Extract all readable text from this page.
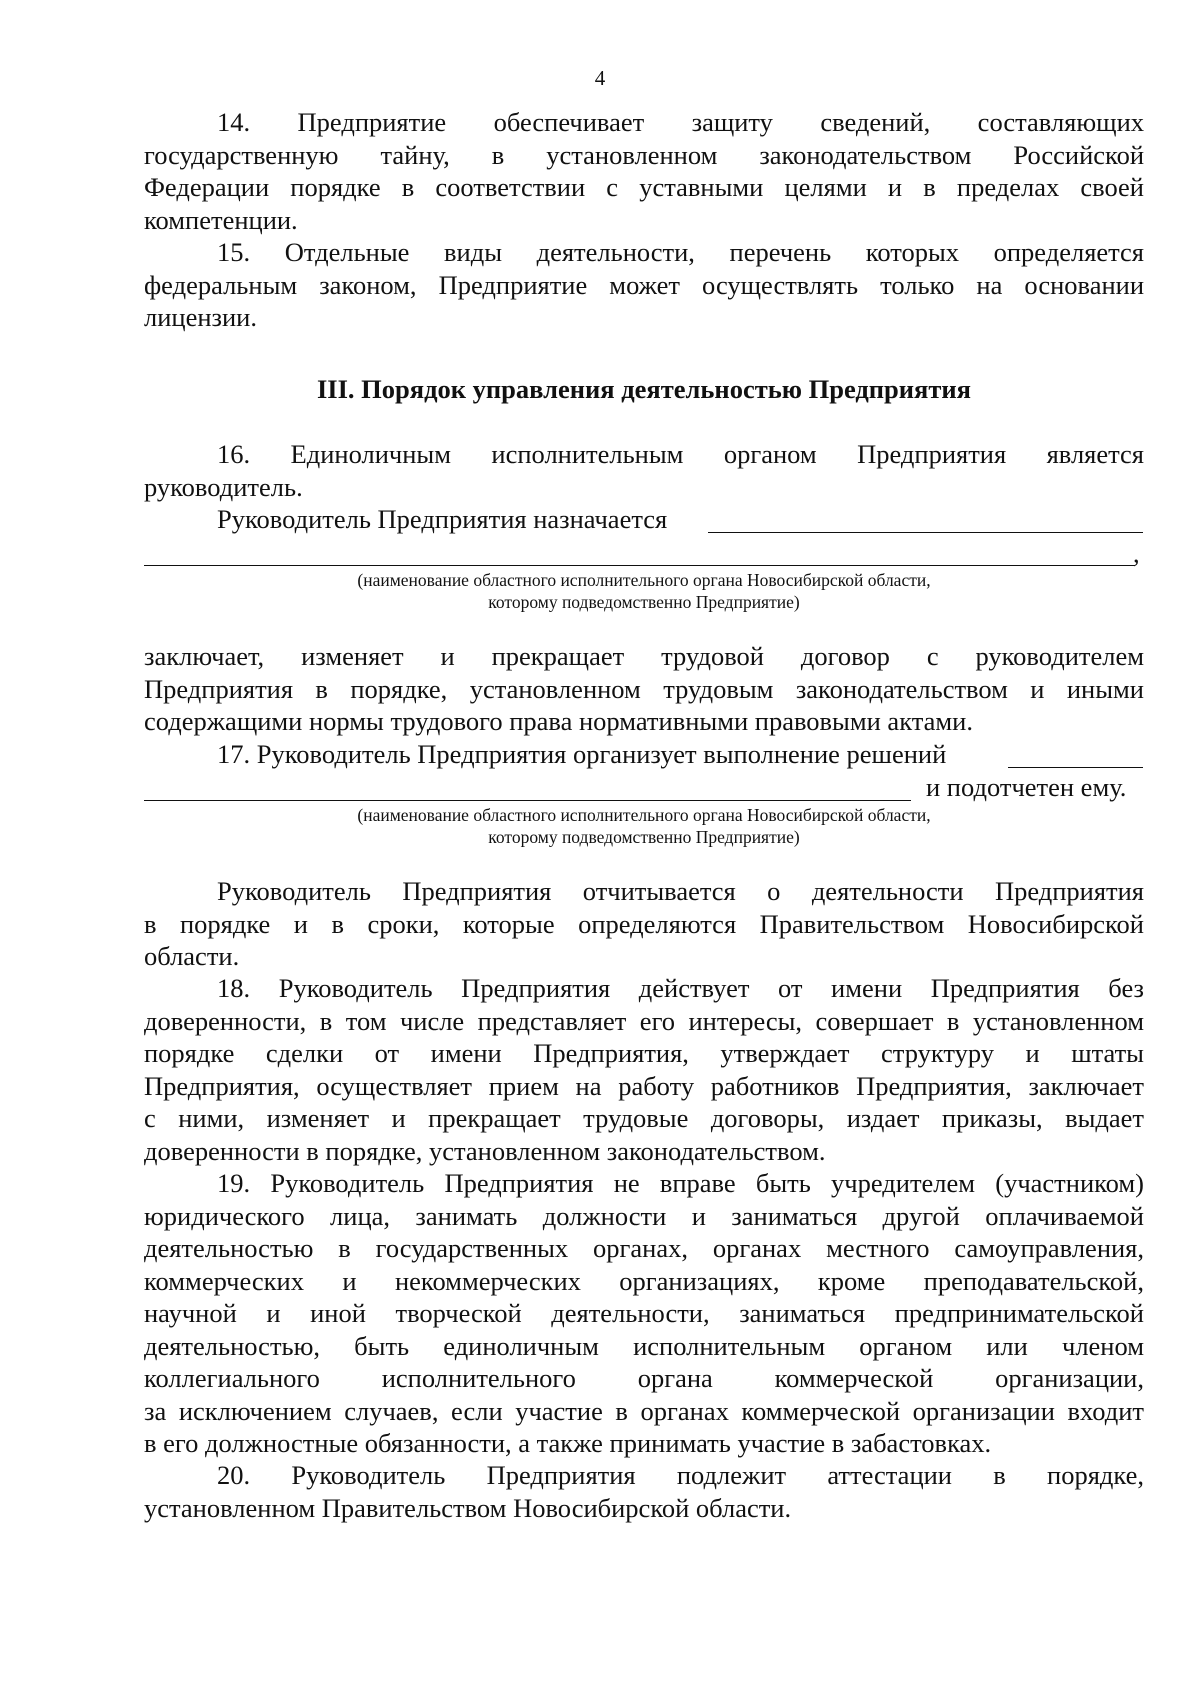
4
14. Предприятие обеспечивает защиту сведений, составляющих
государственную тайну, в установленном законодательством Российской
Федерации порядке в соответствии с уставными целями и в пределах своей
компетенции.
15. Отдельные виды деятельности, перечень которых определяется
федеральным законом, Предприятие может осуществлять только на основании
лицензии.
III. Порядок управления деятельностью Предприятия
16. Единоличным исполнительным органом Предприятия является
руководитель.
Руководитель Предприятия назначается
,
(наименование областного исполнительного органа Новосибирской области,
которому подведомственно Предприятие)
заключает, изменяет и прекращает трудовой договор с руководителем
Предприятия в порядке, установленном трудовым законодательством и иными
содержащими нормы трудового права нормативными правовыми актами.
17. Руководитель Предприятия организует выполнение решений
и подотчетен ему.
(наименование областного исполнительного органа Новосибирской области,
которому подведомственно Предприятие)
Руководитель Предприятия отчитывается о деятельности Предприятия
в порядке и в сроки, которые определяются Правительством Новосибирской
области.
18. Руководитель Предприятия действует от имени Предприятия без
доверенности, в том числе представляет его интересы, совершает в установленном
порядке сделки от имени Предприятия, утверждает структуру и штаты
Предприятия, осуществляет прием на работу работников Предприятия, заключает
с ними, изменяет и прекращает трудовые договоры, издает приказы, выдает
доверенности в порядке, установленном законодательством.
19. Руководитель Предприятия не вправе быть учредителем (участником)
юридического лица, занимать должности и заниматься другой оплачиваемой
деятельностью в государственных органах, органах местного самоуправления,
коммерческих и некоммерческих организациях, кроме преподавательской,
научной и иной творческой деятельности, заниматься предпринимательской
деятельностью, быть единоличным исполнительным органом или членом
коллегиального исполнительного органа коммерческой организации,
за исключением случаев, если участие в органах коммерческой организации входит
в его должностные обязанности, а также принимать участие в забастовках.
20. Руководитель Предприятия подлежит аттестации в порядке,
установленном Правительством Новосибирской области.
